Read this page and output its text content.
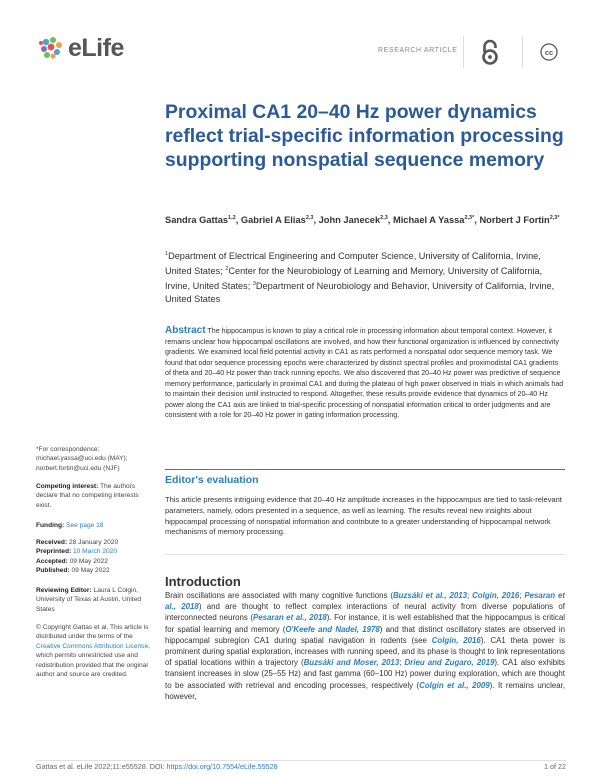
eLife	RESEARCH ARTICLE	cc
Proximal CA1 20–40 Hz power dynamics reflect trial-specific information processing supporting nonspatial sequence memory
Sandra Gattas$^{1,2}$, Gabriel A Elias$^{2,3}$, John Janecek$^{2,3}$, Michael A Yassa$^{2,3*}$, Norbert J Fortin$^{2,3*}$
$^1$Department of Electrical Engineering and Computer Science, University of California, Irvine, United States; $^2$Center for the Neurobiology of Learning and Memory, University of California, Irvine, United States; $^3$Department of Neurobiology and Behavior, University of California, Irvine, United States
*For correspondence:
michael.yassa@uci.edu (MAY);
norbert.fortin@uci.edu (NJF)
Competing interest: The authors declare that no competing interests exist.
Funding: See page 18
Received: 28 January 2020
Preprinted: 10 March 2020
Accepted: 09 May 2022
Published: 09 May 2022
Reviewing Editor: Laura L Colgin, University of Texas at Austin, United States
© Copyright Gattas et al. This article is distributed under the terms of the Creative Commons Attribution License, which permits unrestricted use and redistribution provided that the original author and source are credited.
Abstract The hippocampus is known to play a critical role in processing information about temporal context. However, it remains unclear how hippocampal oscillations are involved, and how their functional organization is influenced by connectivity gradients. We examined local field potential activity in CA1 as rats performed a nonspatial odor sequence memory task. We found that odor sequence processing epochs were characterized by distinct spectral profiles and proximodistal CA1 gradients of theta and 20–40 Hz power than track running epochs. We also discovered that 20–40 Hz power was predictive of sequence memory performance, particularly in proximal CA1 and during the plateau of high power observed in trials in which animals had to maintain their decision until instructed to respond. Altogether, these results provide evidence that dynamics of 20–40 Hz power along the CA1 axis are linked to trial-specific processing of nonspatial information critical to order judgments and are consistent with a role for 20–40 Hz power in gating information processing.
Editor's evaluation
This article presents intriguing evidence that 20–40 Hz amplitude increases in the hippocampus are tied to task-relevant parameters, namely, odors presented in a sequence, as well as learning. The results reveal new insights about hippocampal processing of nonspatial information and contribute to a greater understanding of hippocampal network mechanisms of memory processing.
Introduction
Brain oscillations are associated with many cognitive functions (Buzsáki et al., 2013; Colgin, 2016; Pesaran et al., 2018) and are thought to reflect complex interactions of neural activity from diverse populations of interconnected neurons (Pesaran et al., 2018). For instance, it is well established that the hippocampus is critical for spatial learning and memory (O'Keefe and Nadel, 1978) and that distinct oscillatory states are observed in hippocampal subregion CA1 during spatial navigation in rodents (see Colgin, 2016). CA1 theta power is prominent during spatial exploration, increases with running speed, and its phase is thought to link representations of spatial locations within a trajectory (Buzsáki and Moser, 2013; Drieu and Zugaro, 2019). CA1 also exhibits transient increases in slow (25–55 Hz) and fast gamma (60–100 Hz) power during exploration, which are thought to be associated with retrieval and encoding processes, respectively (Colgin et al., 2009). It remains unclear, however,
Gattas et al. eLife 2022;11:e55528. DOI: https://doi.org/10.7554/eLife.55528	1 of 22
